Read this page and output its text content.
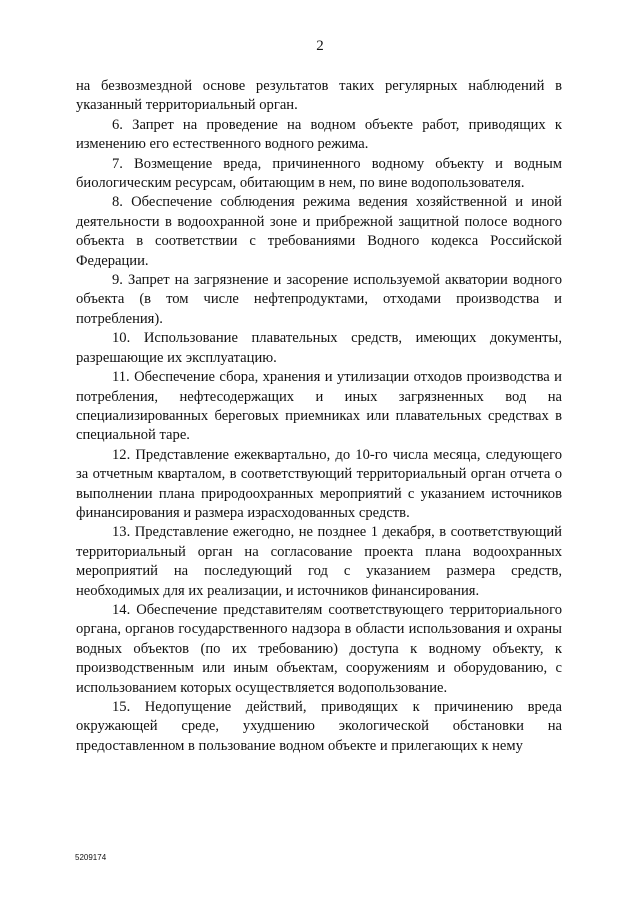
2

на безвозмездной основе результатов таких регулярных наблюдений в указанный территориальный орган.

6. Запрет на проведение на водном объекте работ, приводящих к изменению его естественного водного режима.

7. Возмещение вреда, причиненного водному объекту и водным биологическим ресурсам, обитающим в нем, по вине водопользователя.

8. Обеспечение соблюдения режима ведения хозяйственной и иной деятельности в водоохранной зоне и прибрежной защитной полосе водного объекта в соответствии с требованиями Водного кодекса Российской Федерации.

9. Запрет на загрязнение и засорение используемой акватории водного объекта (в том числе нефтепродуктами, отходами производства и потребления).

10. Использование плавательных средств, имеющих документы, разрешающие их эксплуатацию.

11. Обеспечение сбора, хранения и утилизации отходов производства и потребления, нефтесодержащих и иных загрязненных вод на специализированных береговых приемниках или плавательных средствах в специальной таре.

12. Представление ежеквартально, до 10-го числа месяца, следующего за отчетным кварталом, в соответствующий территориальный орган отчета о выполнении плана природоохранных мероприятий с указанием источников финансирования и размера израсходованных средств.

13. Представление ежегодно, не позднее 1 декабря, в соответствующий территориальный орган на согласование проекта плана водоохранных мероприятий на последующий год с указанием размера средств, необходимых для их реализации, и источников финансирования.

14. Обеспечение представителям соответствующего территориального органа, органов государственного надзора в области использования и охраны водных объектов (по их требованию) доступа к водному объекту, к производственным или иным объектам, сооружениям и оборудованию, с использованием которых осуществляется водопользование.

15. Недопущение действий, приводящих к причинению вреда окружающей среде, ухудшению экологической обстановки на предоставленном в пользование водном объекте и прилегающих к нему

5209174
